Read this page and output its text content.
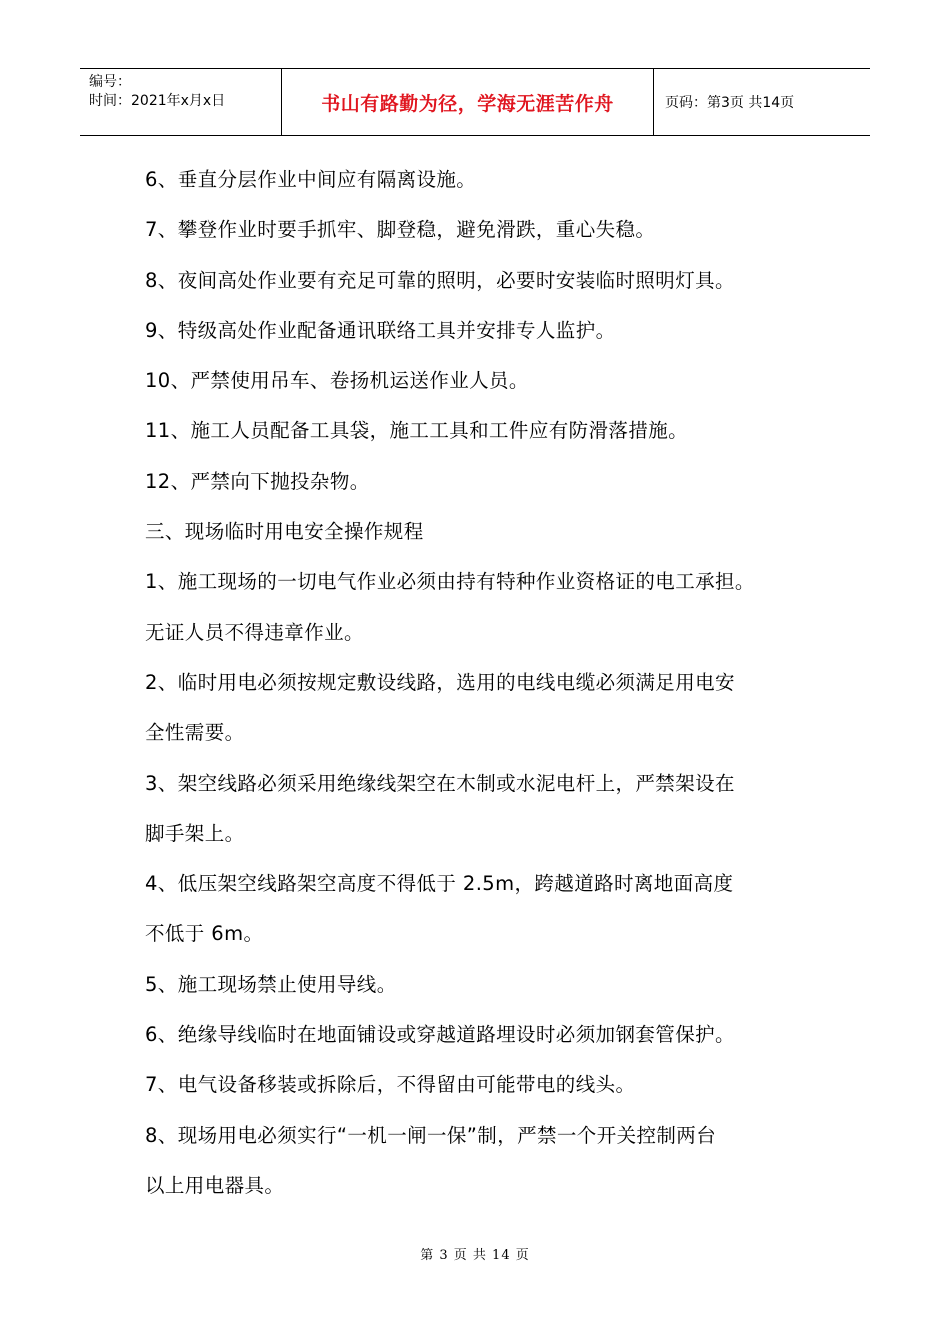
编号：
时间：2021年x月x日	书山有路勤为径，学海无涯苦作舟	页码：第3页 共14页
6、垂直分层作业中间应有隔离设施。
7、攀登作业时要手抓牢、脚登稳，避免滑跌，重心失稳。
8、夜间高处作业要有充足可靠的照明，必要时安装临时照明灯具。
9、特级高处作业配备通讯联络工具并安排专人监护。
10、严禁使用吊车、卷扬机运送作业人员。
11、施工人员配备工具袋，施工工具和工件应有防滑落措施。
12、严禁向下抛投杂物。
三、现场临时用电安全操作规程
1、施工现场的一切电气作业必须由持有特种作业资格证的电工承担。
无证人员不得违章作业。
2、临时用电必须按规定敷设线路，选用的电线电缆必须满足用电安
全性需要。
3、架空线路必须采用绝缘线架空在木制或水泥电杆上，严禁架设在
脚手架上。
4、低压架空线路架空高度不得低于 2.5m，跨越道路时离地面高度
不低于 6m。
5、施工现场禁止使用导线。
6、绝缘导线临时在地面铺设或穿越道路埋设时必须加钢套管保护。
7、电气设备移装或拆除后，不得留由可能带电的线头。
8、现场用电必须实行“一机一闸一保”制，严禁一个开关控制两台
以上用电器具。
第 3 页 共 14 页
